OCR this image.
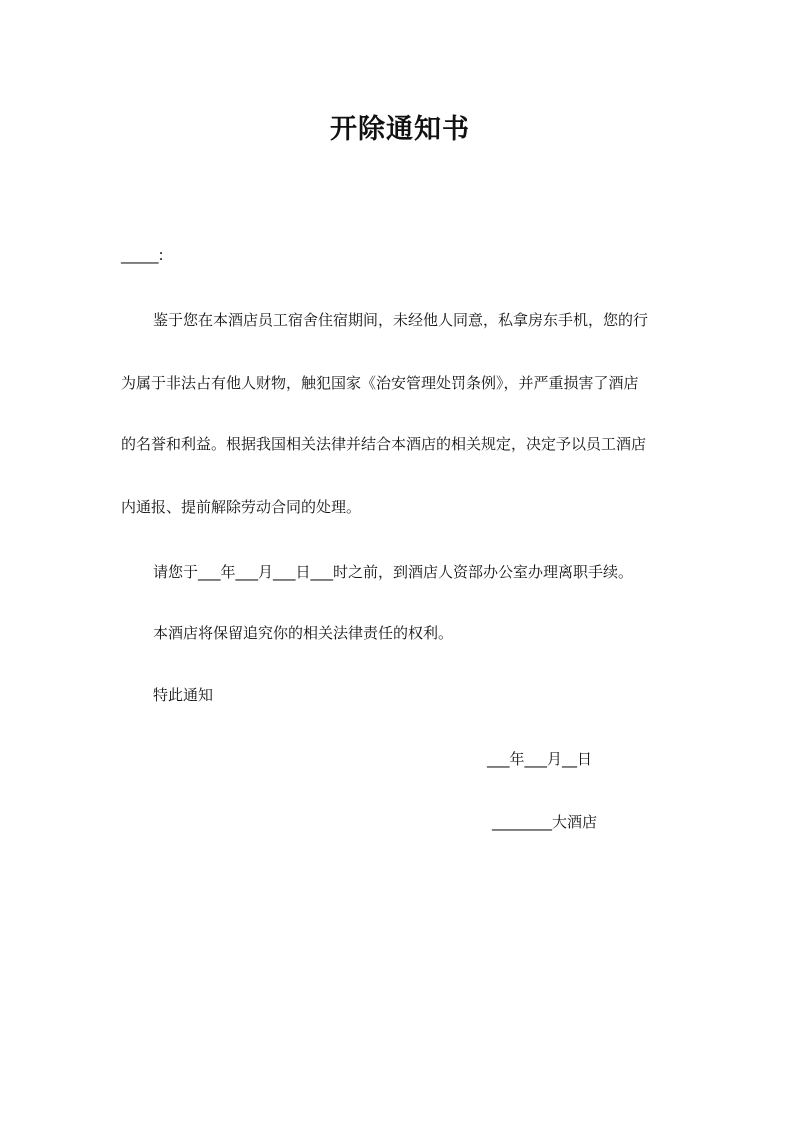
开除通知书
_____:
鉴于您在本酒店员工宿舍住宿期间，未经他人同意，私拿房东手机，您的行
为属于非法占有他人财物，触犯国家《治安管理处罚条例》，并严重损害了酒店
的名誉和利益。根据我国相关法律并结合本酒店的相关规定，决定予以员工酒店
内通报、提前解除劳动合同的处理。
请您于___年___月___日___时之前，到酒店人资部办公室办理离职手续。
本酒店将保留追究你的相关法律责任的权利。
特此通知
___年___月__日
________大酒店
